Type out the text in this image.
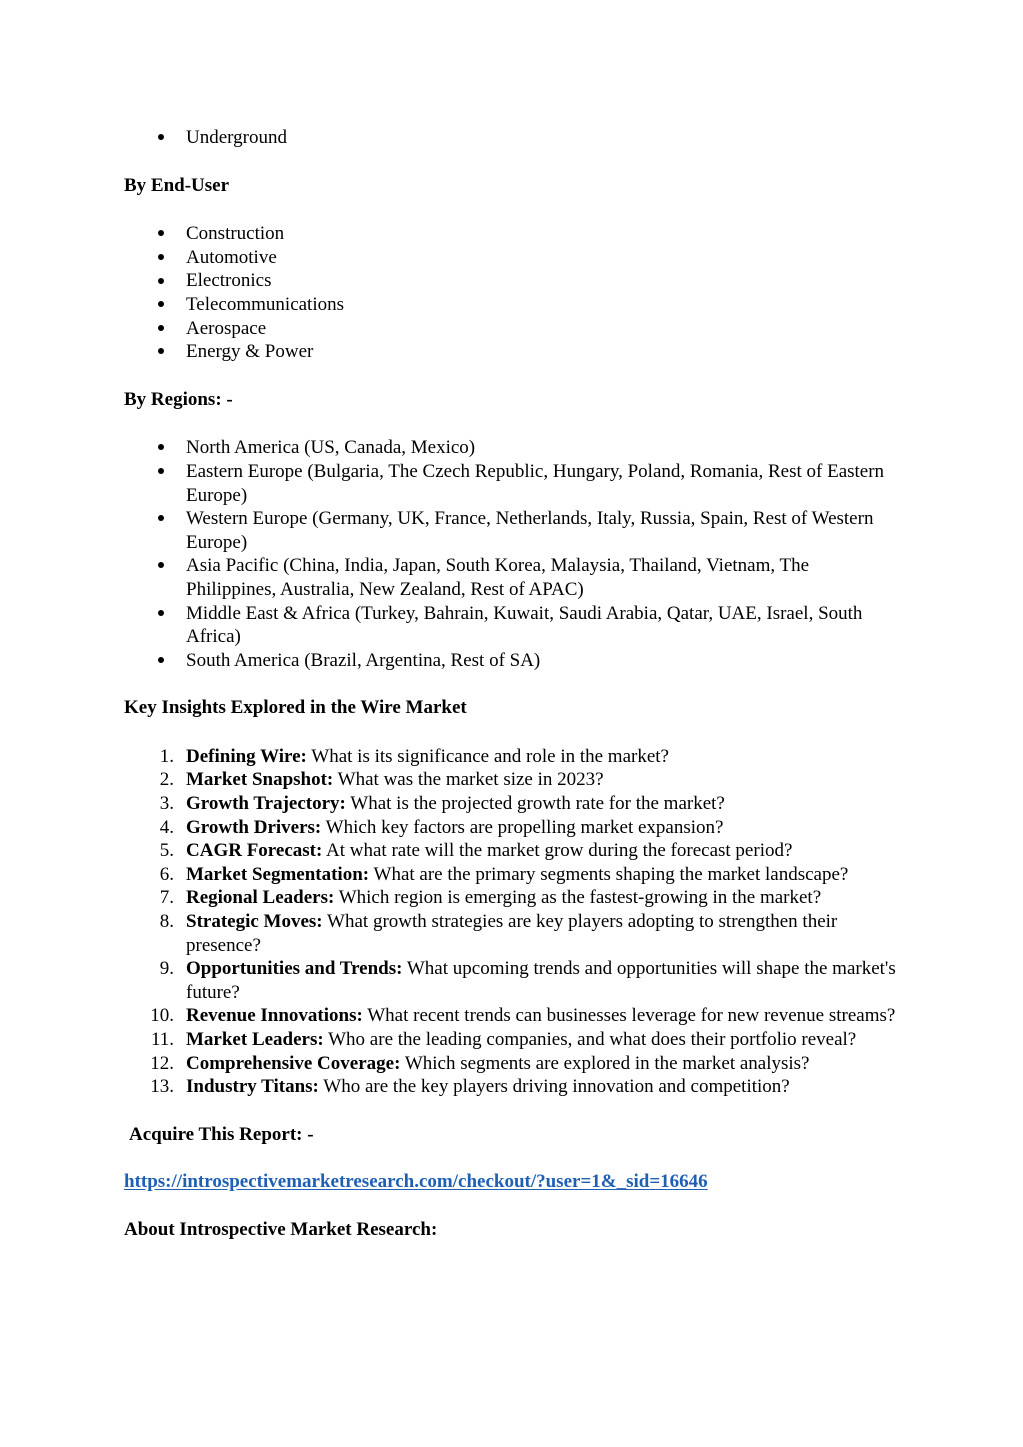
Underground

By End-User

Construction
Automotive
Electronics
Telecommunications
Aerospace
Energy & Power

By Regions: -

North America (US, Canada, Mexico)
Eastern Europe (Bulgaria, The Czech Republic, Hungary, Poland, Romania, Rest of Eastern Europe)
Western Europe (Germany, UK, France, Netherlands, Italy, Russia, Spain, Rest of Western Europe)
Asia Pacific (China, India, Japan, South Korea, Malaysia, Thailand, Vietnam, The Philippines, Australia, New Zealand, Rest of APAC)
Middle East & Africa (Turkey, Bahrain, Kuwait, Saudi Arabia, Qatar, UAE, Israel, South Africa)
South America (Brazil, Argentina, Rest of SA)

Key Insights Explored in the Wire Market

1. Defining Wire: What is its significance and role in the market?
2. Market Snapshot: What was the market size in 2023?
3. Growth Trajectory: What is the projected growth rate for the market?
4. Growth Drivers: Which key factors are propelling market expansion?
5. CAGR Forecast: At what rate will the market grow during the forecast period?
6. Market Segmentation: What are the primary segments shaping the market landscape?
7. Regional Leaders: Which region is emerging as the fastest-growing in the market?
8. Strategic Moves: What growth strategies are key players adopting to strengthen their presence?
9. Opportunities and Trends: What upcoming trends and opportunities will shape the market's future?
10. Revenue Innovations: What recent trends can businesses leverage for new revenue streams?
11. Market Leaders: Who are the leading companies, and what does their portfolio reveal?
12. Comprehensive Coverage: Which segments are explored in the market analysis?
13. Industry Titans: Who are the key players driving innovation and competition?

Acquire This Report: -

https://introspectivemarketresearch.com/checkout/?user=1&_sid=16646

About Introspective Market Research:
